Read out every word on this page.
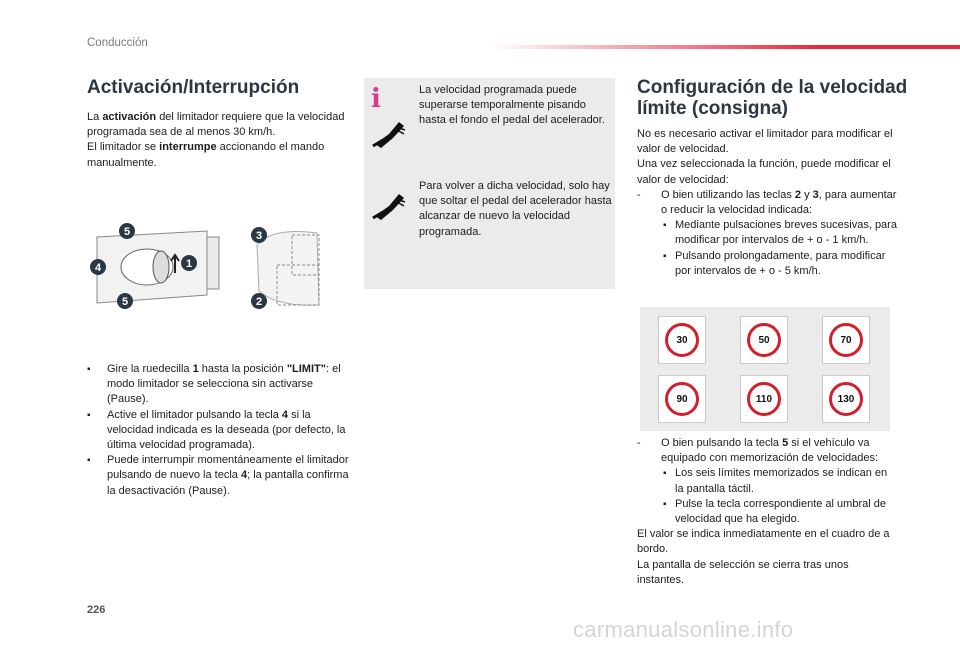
Conducción
Activación/Interrupción
La activación del limitador requiere que la velocidad programada sea de al menos 30 km/h.
El limitador se interrumpe accionando el mando manualmente.
5
4
5
1
3
2
▪ Gire la ruedecilla 1 hasta la posición "LIMIT": el modo limitador se selecciona sin activarse (Pause).
▪ Active el limitador pulsando la tecla 4 si la velocidad indicada es la deseada (por defecto, la última velocidad programada).
▪ Puede interrumpir momentáneamente el limitador pulsando de nuevo la tecla 4; la pantalla confirma la desactivación (Pause).
i	La velocidad programada puede superarse temporalmente pisando hasta el fondo el pedal del acelerador.
Para volver a dicha velocidad, solo hay que soltar el pedal del acelerador hasta alcanzar de nuevo la velocidad programada.
Configuración de la velocidad límite (consigna)
No es necesario activar el limitador para modificar el valor de velocidad.
Una vez seleccionada la función, puede modificar el valor de velocidad:
- O bien utilizando las teclas 2 y 3, para aumentar o reducir la velocidad indicada:
▪ Mediante pulsaciones breves sucesivas, para modificar por intervalos de + o - 1 km/h.
▪ Pulsando prolongadamente, para modificar por intervalos de + o - 5 km/h.
30	50	70
90	110	130
- O bien pulsando la tecla 5 si el vehículo va equipado con memorización de velocidades:
▪ Los seis límites memorizados se indican en la pantalla táctil.
▪ Pulse la tecla correspondiente al umbral de velocidad que ha elegido.
El valor se indica inmediatamente en el cuadro de a bordo.
La pantalla de selección se cierra tras unos instantes.
226
carmanualsonline.info
